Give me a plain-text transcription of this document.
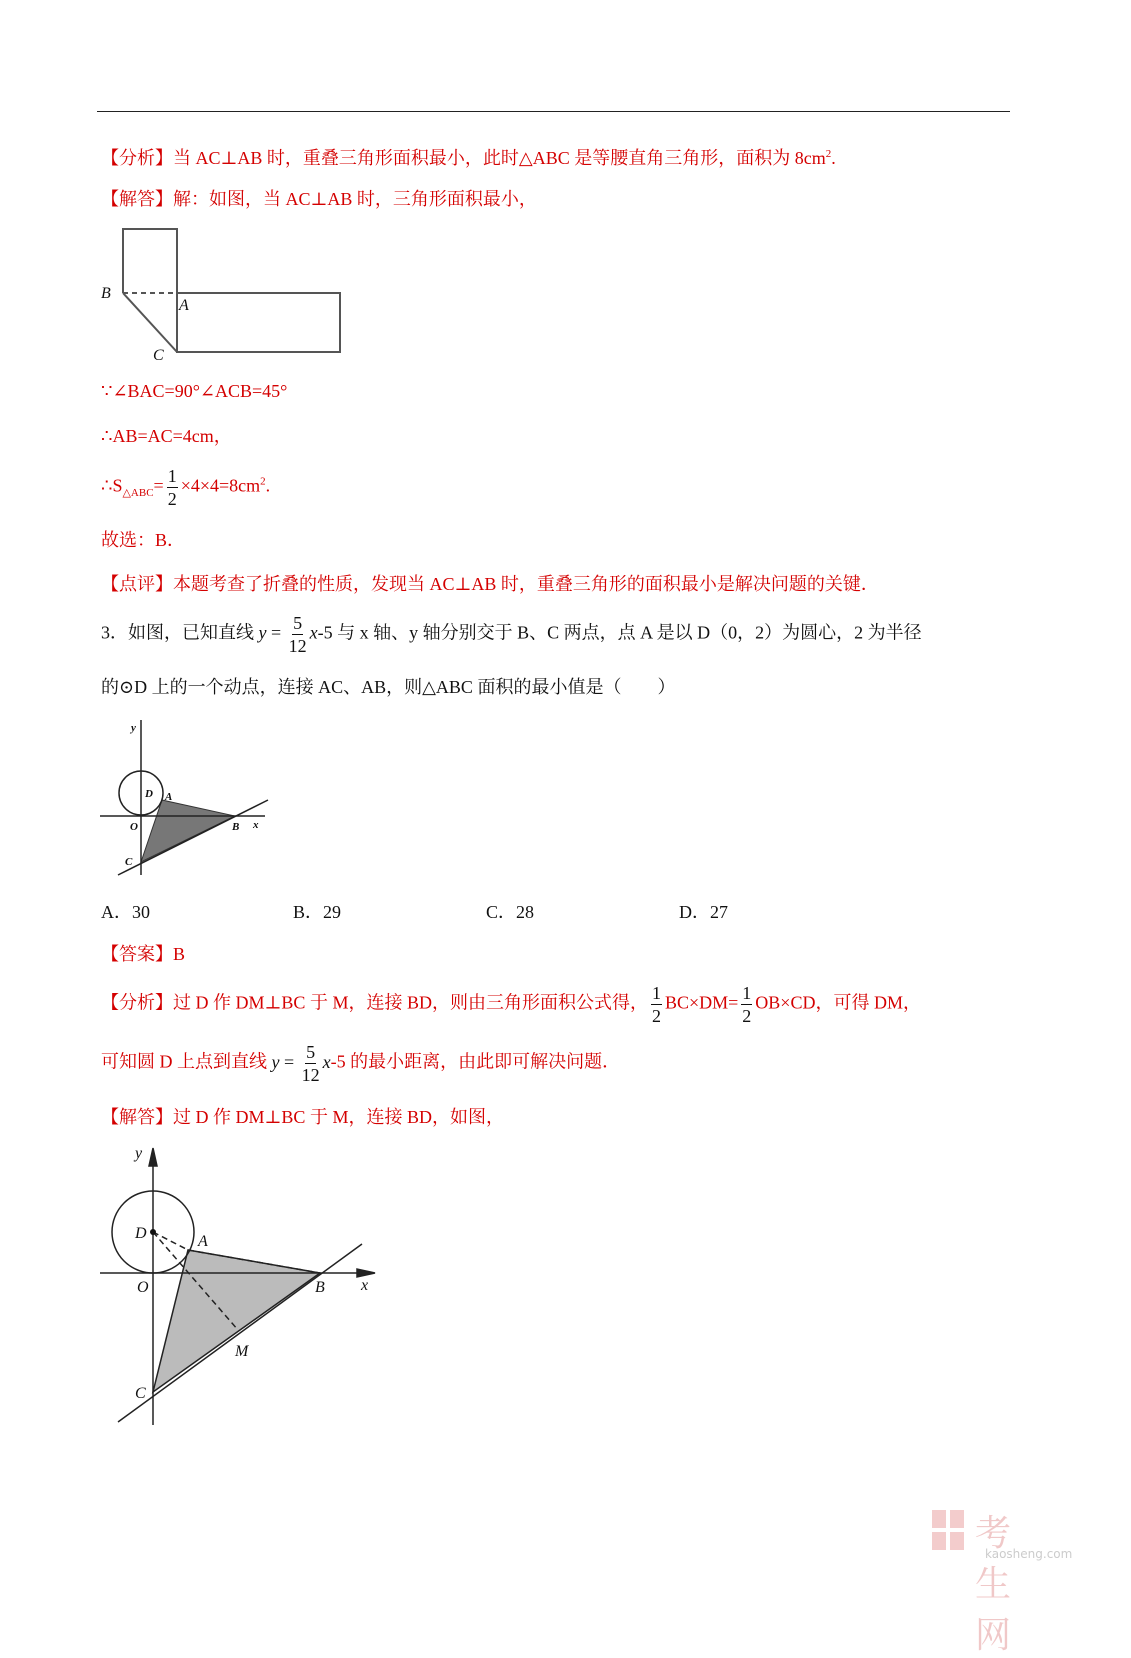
【分析】当 AC⊥AB 时，重叠三角形面积最小，此时△ABC 是等腰直角三角形，面积为 $8cm^2$.
【解答】解：如图，当 AC⊥AB 时，三角形面积最小，
B
A
C
∵∠BAC=90°∠ACB=45°
∴AB=AC=4cm，
$\therefore S_{\triangle ABC}= \frac{1}{2} \times 4\times 4=8cm^2$.
故选：B．
【点评】本题考查了折叠的性质，发现当 AC⊥AB 时，重叠三角形的面积最小是解决问题的关键．
3．如图，已知直线 $y = \frac{5}{12} x-5$ 与 x 轴、y 轴分别交于 B、C 两点，点 A 是以 D（0，2）为圆心，2 为半径
的⊙D 上的一个动点，连接 AC、AB，则△ABC 面积的最小值是（　　）
y
D A
O	B x
C
A．30	B．29	C．28	D．27
【答案】B
【分析】过 D 作 DM⊥BC 于 M，连接 BD，则由三角形面积公式得， $\frac{1}{2} BC\times DM= \frac{1}{2} OB\times CD$，可得 DM，
可知圆 D 上点到直线 $y = \frac{5}{12} x-5$ 的最小距离，由此即可解决问题．
【解答】过 D 作 DM⊥BC 于 M，连接 BD，如图，
y
D	A
O	B x
M
C
考生网
kaosheng.com
